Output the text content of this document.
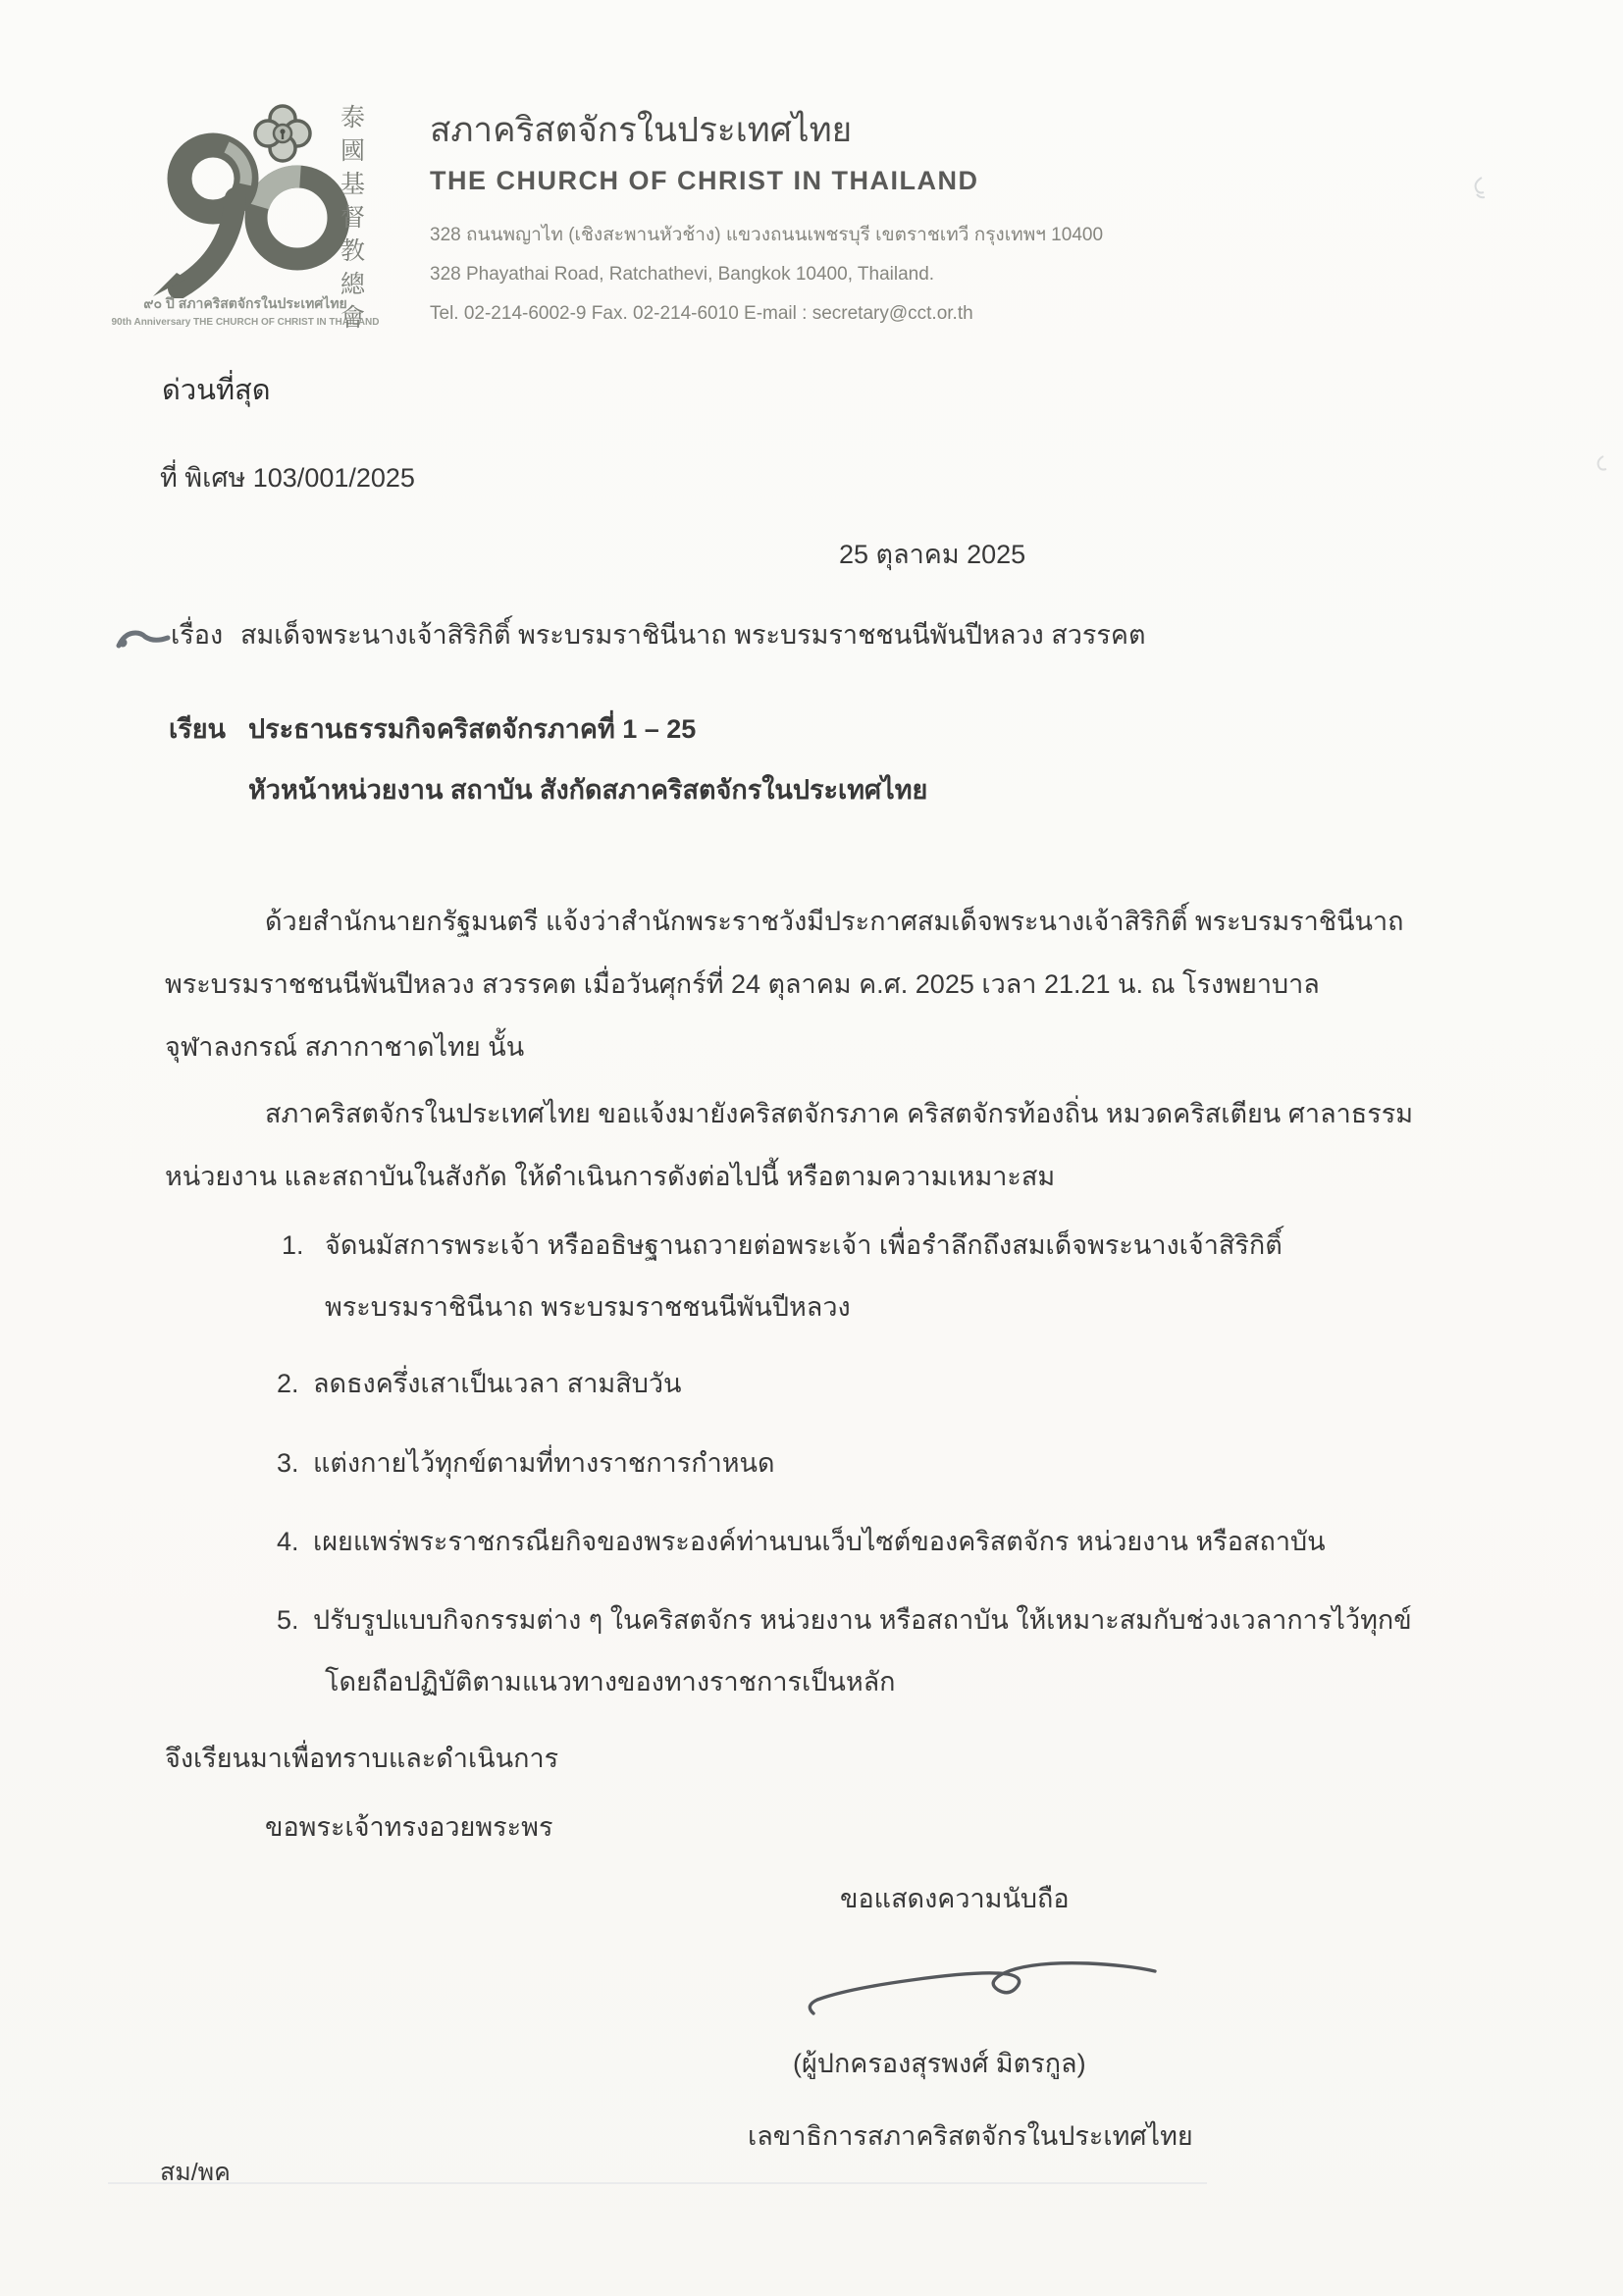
๙๐ ปี สภาคริสตจักรในประเทศไทย
90th Anniversary THE CHURCH OF CHRIST IN THAILAND
泰國基督教總會 สภาคริสตจักรในประเทศไทย
THE CHURCH OF CHRIST IN THAILAND
328 ถนนพญาไท (เชิงสะพานหัวช้าง) แขวงถนนเพชรบุรี เขตราชเทวี กรุงเทพฯ 10400
328 Phayathai Road, Ratchathevi, Bangkok 10400, Thailand.
Tel. 02-214-6002-9 Fax. 02-214-6010 E-mail : secretary@cct.or.th
ด่วนที่สุด
ที่ พิเศษ 103/001/2025
25 ตุลาคม 2025
เรื่อง สมเด็จพระนางเจ้าสิริกิติ์ พระบรมราชินีนาถ พระบรมราชชนนีพันปีหลวง สวรรคต
เรียน ประธานธรรมกิจคริสตจักรภาคที่ 1 – 25
หัวหน้าหน่วยงาน สถาบัน สังกัดสภาคริสตจักรในประเทศไทย
ด้วยสำนักนายกรัฐมนตรี แจ้งว่าสำนักพระราชวังมีประกาศสมเด็จพระนางเจ้าสิริกิติ์ พระบรมราชินีนาถ
พระบรมราชชนนีพันปีหลวง สวรรคต เมื่อวันศุกร์ที่ 24 ตุลาคม ค.ศ. 2025 เวลา 21.21 น. ณ โรงพยาบาล
จุฬาลงกรณ์ สภากาชาดไทย นั้น
สภาคริสตจักรในประเทศไทย ขอแจ้งมายังคริสตจักรภาค คริสตจักรท้องถิ่น หมวดคริสเตียน ศาลาธรรม
หน่วยงาน และสถาบันในสังกัด ให้ดำเนินการดังต่อไปนี้ หรือตามความเหมาะสม
1. จัดนมัสการพระเจ้า หรืออธิษฐานถวายต่อพระเจ้า เพื่อรำลึกถึงสมเด็จพระนางเจ้าสิริกิติ์
พระบรมราชินีนาถ พระบรมราชชนนีพันปีหลวง
2. ลดธงครึ่งเสาเป็นเวลา สามสิบวัน
3. แต่งกายไว้ทุกข์ตามที่ทางราชการกำหนด
4. เผยแพร่พระราชกรณียกิจของพระองค์ท่านบนเว็บไซต์ของคริสตจักร หน่วยงาน หรือสถาบัน
5. ปรับรูปแบบกิจกรรมต่าง ๆ ในคริสตจักร หน่วยงาน หรือสถาบัน ให้เหมาะสมกับช่วงเวลาการไว้ทุกข์
โดยถือปฏิบัติตามแนวทางของทางราชการเป็นหลัก
จึงเรียนมาเพื่อทราบและดำเนินการ
ขอพระเจ้าทรงอวยพระพร
ขอแสดงความนับถือ
(ผู้ปกครองสุรพงศ์ มิตรกูล)
เลขาธิการสภาคริสตจักรในประเทศไทย
สม/พค
